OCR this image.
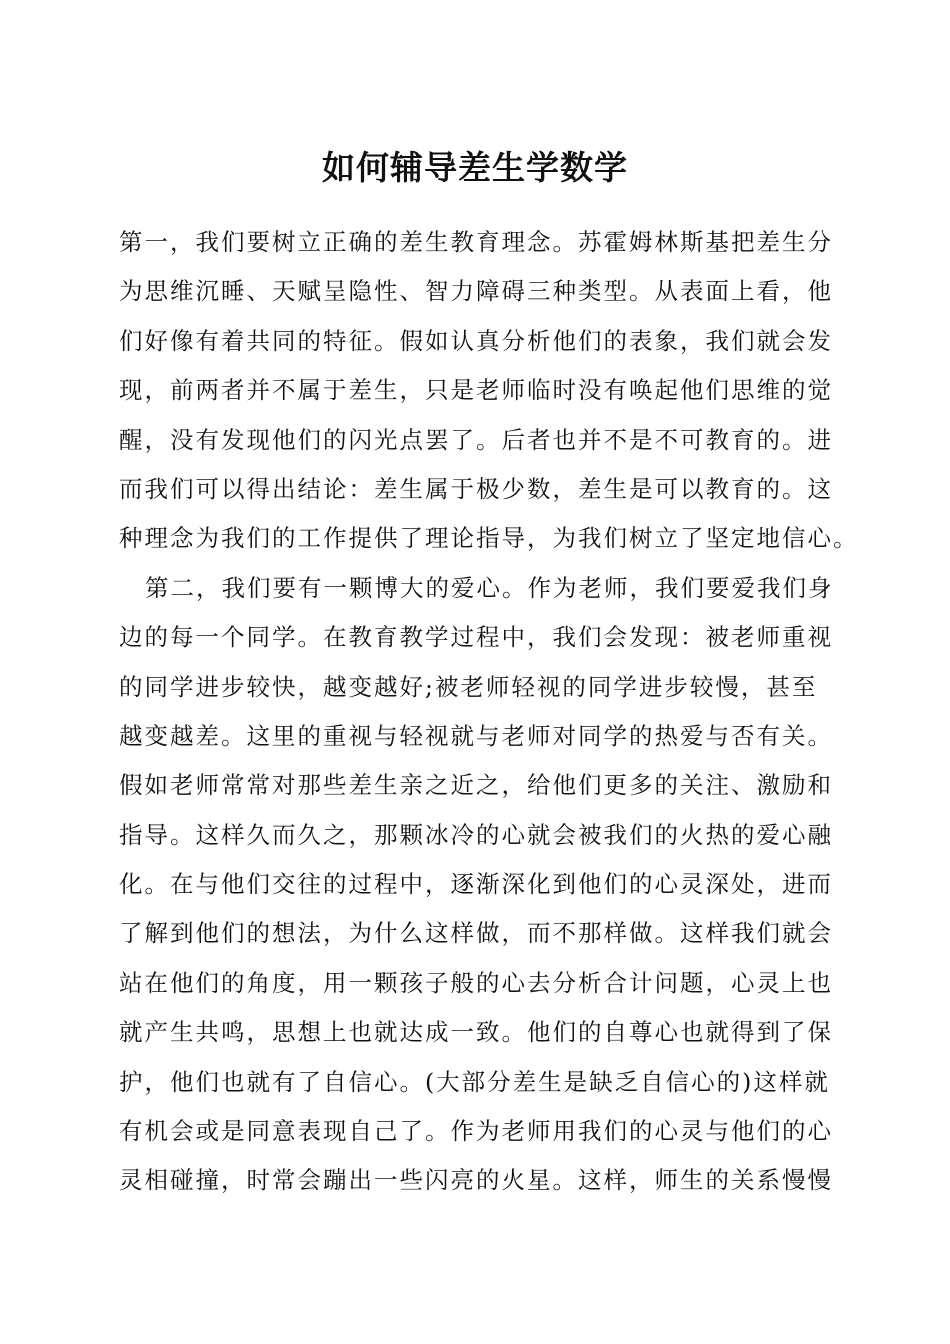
如何辅导差生学数学
第一，我们要树立正确的差生教育理念。苏霍姆林斯基把差生分
为思维沉睡、天赋呈隐性、智力障碍三种类型。从表面上看，他
们好像有着共同的特征。假如认真分析他们的表象，我们就会发
现，前两者并不属于差生，只是老师临时没有唤起他们思维的觉
醒，没有发现他们的闪光点罢了。后者也并不是不可教育的。进
而我们可以得出结论：差生属于极少数，差生是可以教育的。这
种理念为我们的工作提供了理论指导，为我们树立了坚定地信心。
第二，我们要有一颗博大的爱心。作为老师，我们要爱我们身
边的每一个同学。在教育教学过程中，我们会发现：被老师重视
的同学进步较快，越变越好;被老师轻视的同学进步较慢，甚至
越变越差。这里的重视与轻视就与老师对同学的热爱与否有关。
假如老师常常对那些差生亲之近之，给他们更多的关注、激励和
指导。这样久而久之，那颗冰冷的心就会被我们的火热的爱心融
化。在与他们交往的过程中，逐渐深化到他们的心灵深处，进而
了解到他们的想法，为什么这样做，而不那样做。这样我们就会
站在他们的角度，用一颗孩子般的心去分析合计问题，心灵上也
就产生共鸣，思想上也就达成一致。他们的自尊心也就得到了保
护，他们也就有了自信心。(大部分差生是缺乏自信心的)这样就
有机会或是同意表现自己了。作为老师用我们的心灵与他们的心
灵相碰撞，时常会蹦出一些闪亮的火星。这样，师生的关系慢慢
